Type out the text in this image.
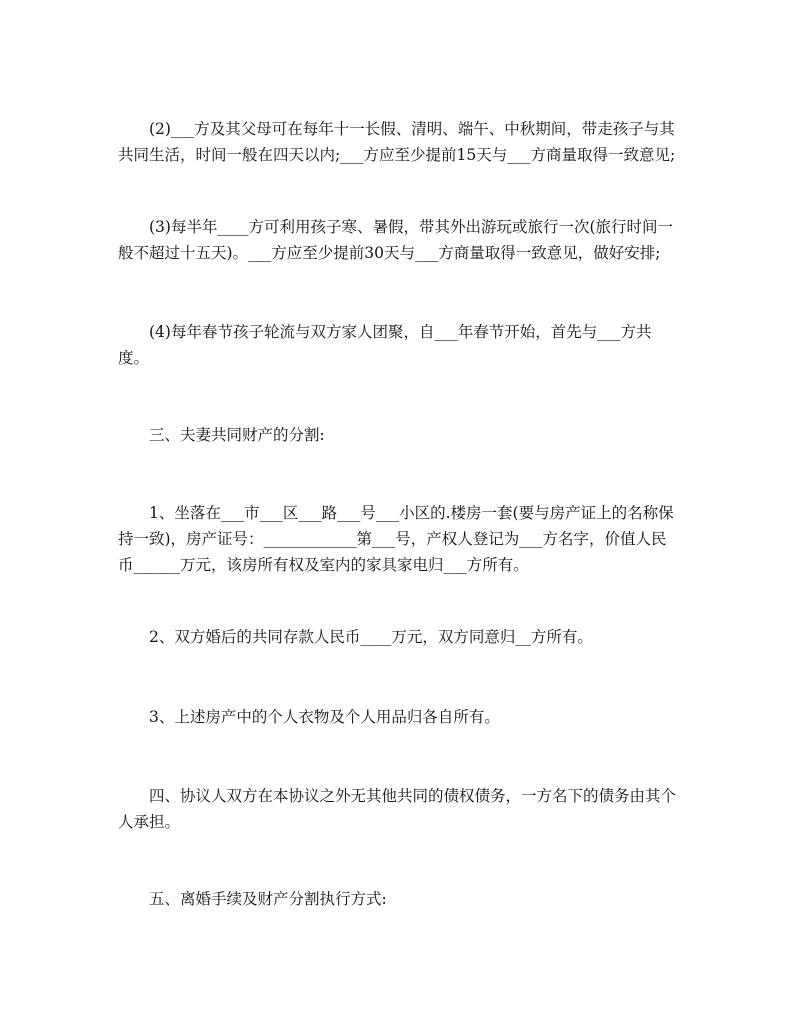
(2)___方及其父母可在每年十一长假、清明、端午、中秋期间，带走孩子与其
共同生活，时间一般在四天以内;___方应至少提前15天与___方商量取得一致意见;
(3)每半年____方可利用孩子寒、暑假，带其外出游玩或旅行一次(旅行时间一
般不超过十五天)。___方应至少提前30天与___方商量取得一致意见，做好安排;
(4)每年春节孩子轮流与双方家人团聚，自___年春节开始，首先与___方共
度。
三、夫妻共同财产的分割:
1、坐落在___市___区___路___号___小区的.楼房一套(要与房产证上的名称保
持一致)，房产证号：____________第___号，产权人登记为___方名字，价值人民
币______万元，该房所有权及室内的家具家电归___方所有。
2、双方婚后的共同存款人民币____万元，双方同意归__方所有。
3、上述房产中的个人衣物及个人用品归各自所有。
四、协议人双方在本协议之外无其他共同的债权债务，一方名下的债务由其个
人承担。
五、离婚手续及财产分割执行方式:
